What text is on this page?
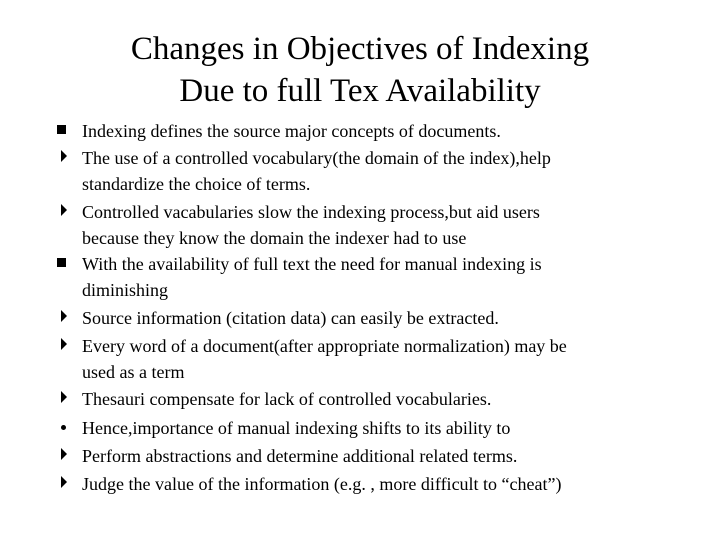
Changes in Objectives of Indexing
Due to full Tex Availability
Indexing defines the source major concepts of documents.
The use of a controlled vocabulary(the domain of the index),help
standardize the choice of terms.
Controlled vacabularies slow the indexing process,but aid users
because they know the domain the indexer had to use
With the availability of full text the need for manual indexing is
diminishing
Source information (citation data) can easily be extracted.
Every word of a document(after appropriate normalization) may be
used as a term
Thesauri compensate for lack of controlled vocabularies.
Hence,importance of manual indexing shifts to its ability to
Perform abstractions and determine additional related terms.
Judge the value of the information (e.g. , more difficult to “cheat”)
